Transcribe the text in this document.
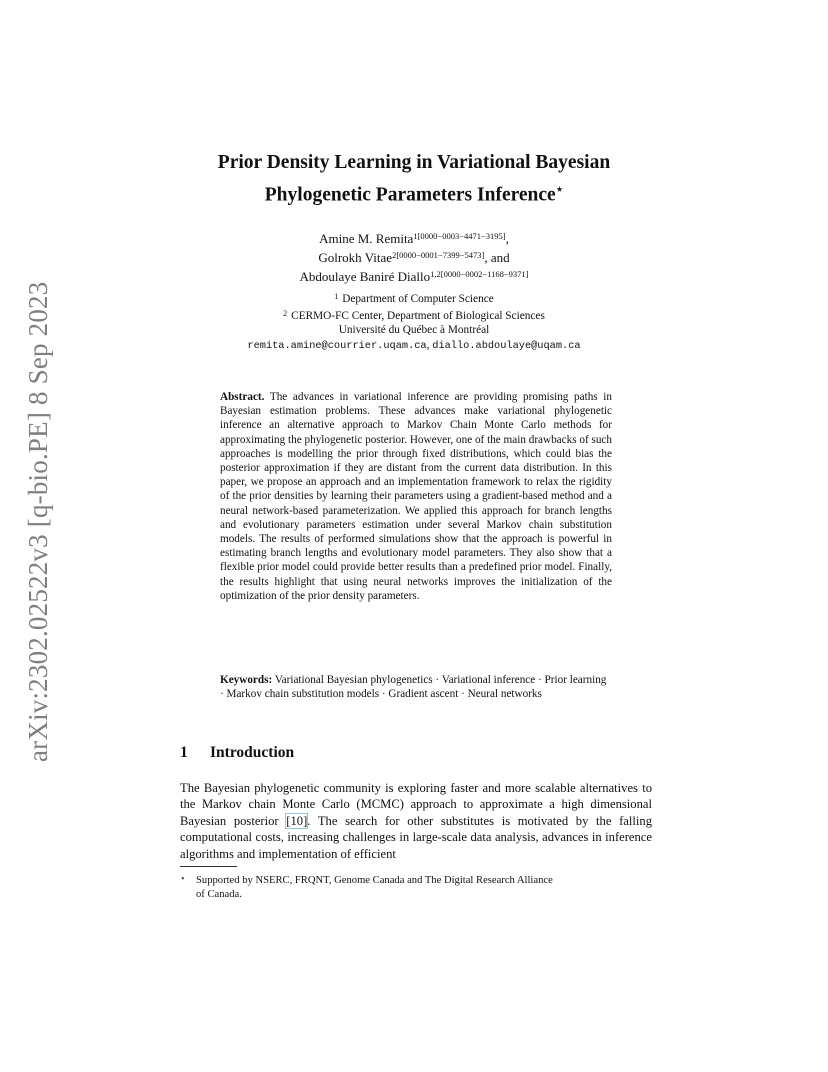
arXiv:2302.02522v3 [q-bio.PE] 8 Sep 2023
Prior Density Learning in Variational Bayesian
Phylogenetic Parameters Inference⋆
Amine M. Remita$^{1[0000-0003-4471-3195]}$,
Golrokh Vitae$^{2[0000-0001-7399-5473]}$, and
Abdoulaye Baniré Diallo$^{1,2[0000-0002-1168-9371]}$
$^1$ Department of Computer Science
$^2$ CERMO-FC Center, Department of Biological Sciences
Université du Québec à Montréal
remita.amine@courrier.uqam.ca, diallo.abdoulaye@uqam.ca
Abstract. The advances in variational inference are providing promising paths in Bayesian estimation problems. These advances make variational phylogenetic inference an alternative approach to Markov Chain Monte Carlo methods for approximating the phylogenetic posterior. However, one of the main drawbacks of such approaches is modelling the prior through fixed distributions, which could bias the posterior approximation if they are distant from the current data distribution. In this paper, we propose an approach and an implementation framework to relax the rigidity of the prior densities by learning their parameters using a gradient-based method and a neural network-based parameterization. We applied this approach for branch lengths and evolutionary parameters estimation under several Markov chain substitution models. The results of performed simulations show that the approach is powerful in estimating branch lengths and evolutionary model parameters. They also show that a flexible prior model could provide better results than a predefined prior model. Finally, the results highlight that using neural networks improves the initialization of the optimization of the prior density parameters.
Keywords: Variational Bayesian phylogenetics · Variational inference · Prior learning · Markov chain substitution models · Gradient ascent · Neural networks
1 Introduction
The Bayesian phylogenetic community is exploring faster and more scalable alternatives to the Markov chain Monte Carlo (MCMC) approach to approximate a high dimensional Bayesian posterior [10]. The search for other substitutes is motivated by the falling computational costs, increasing challenges in large-scale data analysis, advances in inference algorithms and implementation of efficient
⋆ Supported by NSERC, FRQNT, Genome Canada and The Digital Research Alliance
of Canada.
